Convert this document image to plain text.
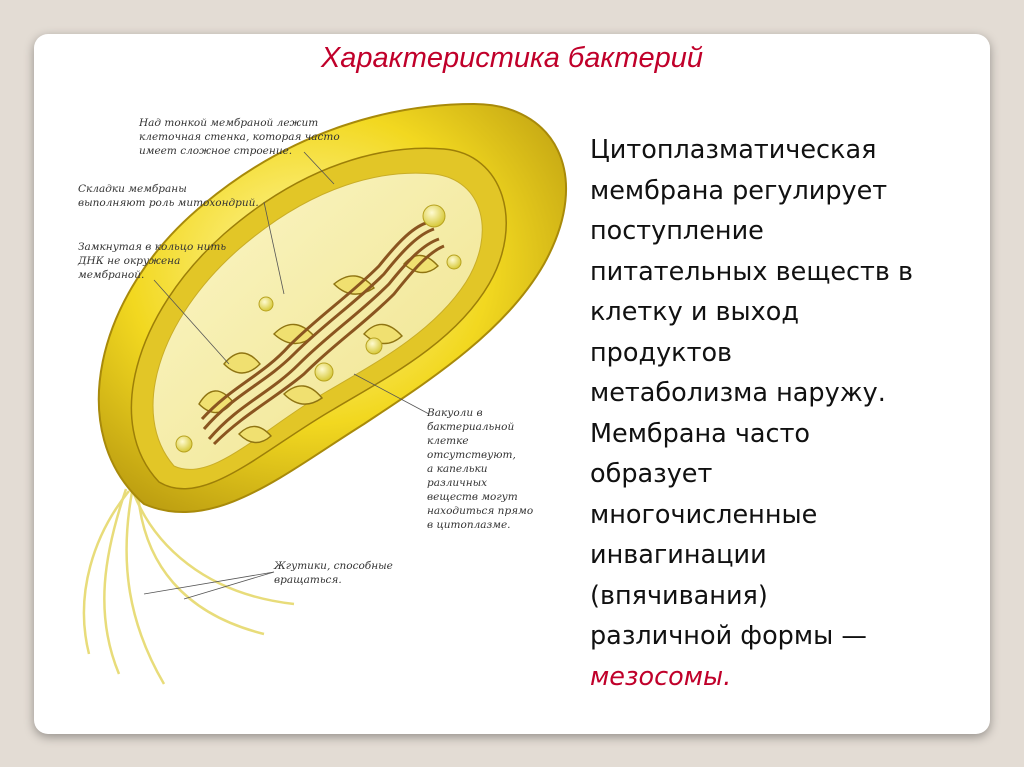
Характеристика бактерий
Над тонкой мембраной лежит
клеточная стенка, которая часто
имеет сложное строение.
Складки мембраны
выполняют роль митохондрий.
Замкнутая в кольцо нить
ДНК не окружена
мембраной.
Вакуоли в
бактериальной
клетке
отсутствуют,
а капельки
различных
веществ могут
находиться прямо
в цитоплазме.
Жгутики, способные
вращаться.
Цитоплазматическая
мембрана регулирует
поступление
питательных веществ в
клетку и выход
продуктов
метаболизма наружу.
Мембрана часто
образует
многочисленные
инвагинации
(впячивания)
различной формы —
мезосомы.
